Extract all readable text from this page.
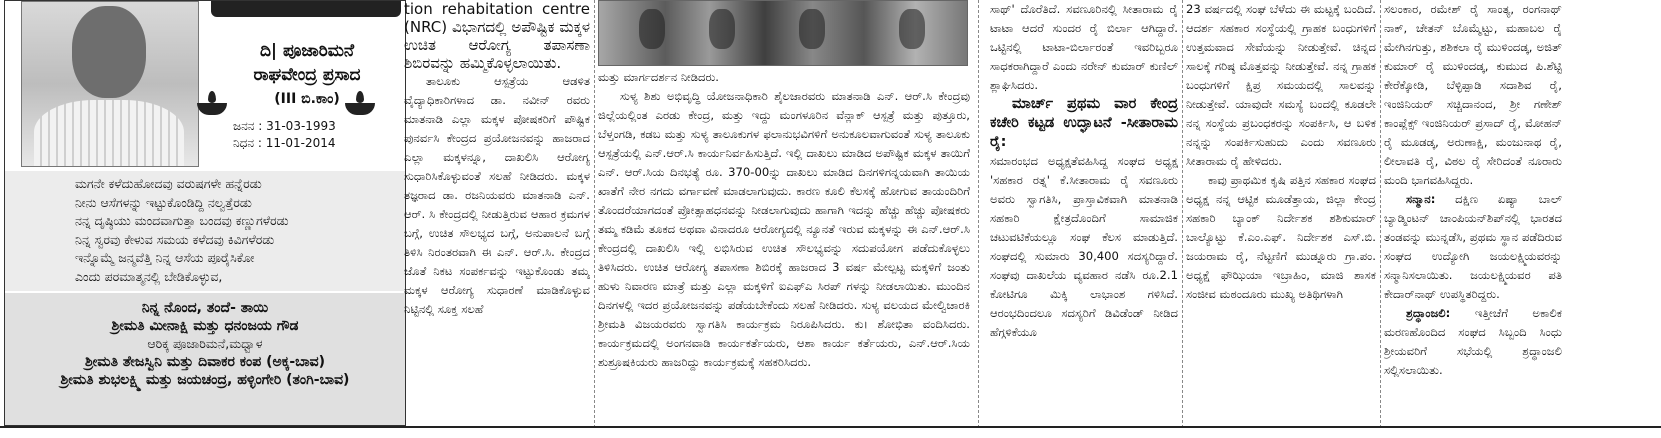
ದಿ| ಪೂಜಾರಿಮನೆ
ರಾಘವೇಂದ್ರ ಪ್ರಸಾದ
(III ಬಿ.ಕಾಂ)
ಜನನ : 31-03-1993
ನಿಧನ : 11-01-2014
ಮಗನೇ ಕಳೆದುಹೋದವು ವರುಷಗಳೇ ಹನ್ನೆರಡು
ನೀನು ಆಸೆಗಳನ್ನು ಇಟ್ಟುಕೊಂಡಿದ್ದಿ ನಲ್ವತ್ತೆರಡು
ನನ್ನ ದೃಷ್ಠಿಯು ಮಂದವಾಗುತ್ತಾ ಬಂದವು ಕಣ್ಣುಗಳೆರಡು
ನಿನ್ನ ಸ್ವರವು ಕೇಳುವ ಸಮಯ ಕಳೆದವು ಕಿವಿಗಳೆರಡು
ಇನ್ನೊಮ್ಮೆ ಜನ್ಮವೆತ್ತಿ ನಿನ್ನ ಆಸೆಯ ಪೂರೈಸಿಕೋ
ಎಂದು ಪರಮಾತ್ಮನಲ್ಲಿ ಬೇಡಿಕೊಳ್ಳುವ,
ನಿನ್ನ ನೊಂದ, ತಂದೆ- ತಾಯಿ
ಶ್ರೀಮತಿ ಮೀನಾಕ್ಷಿ ಮತ್ತು ಧನಂಜಯ ಗೌಡ
ಆರಿಕ್ಕ ಪೂಜಾರಿಮನೆ,ಮಧ್ವಾಳ
ಶ್ರೀಮತಿ ತೇಜಸ್ವಿನಿ ಮತ್ತು ದಿವಾಕರ ಕಂಪ (ಅಕ್ಕ-ಬಾವ)
ಶ್ರೀಮತಿ ಶುಭಲಕ್ಷ್ಮಿ ಮತ್ತು ಜಯಚಂದ್ರ, ಹಳ್ಳಿಂಗೇರಿ (ತಂಗಿ-ಬಾವ)

tion rehabitation centre (NRC) ವಿಭಾಗದಲ್ಲಿ ಅಪೌಷ್ಟಿಕ ಮಕ್ಕಳ ಉಚಿತ ಆರೋಗ್ಯ ತಪಾಸಣಾ ಶಿಬಿರವನ್ನು ಹಮ್ಮಿಕೊಳ್ಳಲಾಯಿತು.

ತಾಲೂಕು ಆಸ್ಪತ್ರೆಯ ಆಡಳಿತ ವೈದ್ಯಾಧಿಕಾರಿಗಳಾದ ಡಾ. ನವೀನ್ ರವರು ಮಾತನಾಡಿ ಎಲ್ಲಾ ಮಕ್ಕಳ ಪೋಷಕರಿಗೆ ಪೌಷ್ಟಿಕ ಪುನರ್ವಸಿ ಕೇಂದ್ರದ ಪ್ರಯೋಜನವನ್ನು ಹಾಜರಾದ ಎಲ್ಲಾ ಮಕ್ಕಳನ್ನೂ, ದಾಖಲಿಸಿ ಆರೋಗ್ಯ ಸುಧಾರಿಸಿಕೊಳ್ಳುವಂತೆ ಸಲಹೆ ನೀಡಿದರು. ಮಕ್ಕಳ ತಜ್ಞರಾದ ಡಾ. ರಜನಿಯವರು ಮಾತನಾಡಿ ಎನ್. ಆರ್. ಸಿ ಕೇಂದ್ರದಲ್ಲಿ ನೀಡುತ್ತಿರುವ ಆಹಾರ ಕ್ರಮಗಳ ಬಗ್ಗೆ, ಉಚಿತ ಸೌಲಭ್ಯದ ಬಗ್ಗೆ, ಅನುಪಾಲನೆ ಬಗ್ಗೆ ತಿಳಿಸಿ ನಿರಂತರವಾಗಿ ಈ ಎನ್. ಆರ್.ಸಿ. ಕೇಂದ್ರದ ಜೊತೆ ನಿಕಟ ಸಂಪರ್ಕವನ್ನು ಇಟ್ಟುಕೊಂಡು ತಮ್ಮ ಮಕ್ಕಳ ಆರೋಗ್ಯ ಸುಧಾರಣೆ ಮಾಡಿಕೊಳ್ಳುವ ನಿಟ್ಟಿನಲ್ಲಿ ಸೂಕ್ತ ಸಲಹೆ

ಮತ್ತು ಮಾರ್ಗದರ್ಶನ ನೀಡಿದರು.

ಸುಳ್ಯ ಶಿಶು ಅಭಿವೃದ್ಧಿ ಯೋಜನಾಧಿಕಾರಿ ಶೈಲಜಾರವರು ಮಾತನಾಡಿ ಎನ್. ಆರ್.ಸಿ ಕೇಂದ್ರವು ಜಿಲ್ಲೆಯಲ್ಲಿಂತ ಎರಡು ಕೇಂದ್ರ, ಮತ್ತು ಇದ್ದು ಮಂಗಳೂರಿನ ವೆನ್ಲಾಕ್ ಆಸ್ಪತ್ರೆ ಮತ್ತು ಪುತ್ತೂರು, ಬೆಳ್ತಂಗಡಿ, ಕಡಬ ಮತ್ತು ಸುಳ್ಯ ತಾಲೂಕುಗಳ ಫಲಾನುಭವಿಗಳಿಗೆ ಅನುಕೂಲವಾಗುವಂತೆ ಸುಳ್ಯ ತಾಲೂಕು ಆಸ್ಪತ್ರೆಯಲ್ಲಿ ಎನ್.ಆರ್.ಸಿ ಕಾರ್ಯನಿರ್ವಹಿಸುತ್ತಿದೆ. ಇಲ್ಲಿ ದಾಖಲು ಮಾಡಿದ ಅಪೌಷ್ಟಿಕ ಮಕ್ಕಳ ತಾಯಿಗೆ ಎನ್. ಆರ್.ಸಿಯ ದಿನಭತ್ಯೆ ರೂ. 370-00ನ್ನು ದಾಖಲು ಮಾಡಿದ ದಿನಗಳಿಗನ್ನಯವಾಗಿ ತಾಯಿಯ ಖಾತೆಗೆ ನೇರ ನಗದು ವರ್ಗಾವಣೆ ಮಾಡಲಾಗುವುದು. ಕಾರಣ ಕೂಲಿ ಕೆಲಸಕ್ಕೆ ಹೋಗುವ ತಾಯಂದಿರಿಗೆ ತೊಂದರೆಯಾಗದಂತೆ ಪ್ರೋತ್ಸಾಹಧನವನ್ನು ನೀಡಲಾಗುವುದು ಹಾಗಾಗಿ ಇದನ್ನು ಹೆಚ್ಚು ಹೆಚ್ಚು ಪೋಷಕರು ತಮ್ಮ ಕಡಿಮೆ ತೂಕದ ಅಥವಾ ವಿನಾದರೂ ಆರೋಗ್ಯದಲ್ಲಿ ನ್ಯೂನತೆ ಇರುವ ಮಕ್ಕಳನ್ನು ಈ ಎನ್.ಆರ್.ಸಿ ಕೇಂದ್ರದಲ್ಲಿ ದಾಖಲಿಸಿ ಇಲ್ಲಿ ಲಭಿಸಿರುವ ಉಚಿತ ಸೌಲಭ್ಯವನ್ನು ಸದುಪಯೋಗ ಪಡೆದುಕೊಳ್ಳಲು ತಿಳಿಸಿದರು. ಉಚಿತ ಆರೋಗ್ಯ ತಪಾಸಣಾ ಶಿಬಿರಕ್ಕೆ ಹಾಜರಾದ 3 ವರ್ಷ ಮೇಲ್ಪಟ್ಟ ಮಕ್ಕಳಿಗೆ ಜಂತು ಹುಳು ನಿವಾರಣ ಮಾತ್ರೆ ಮತ್ತು ಎಲ್ಲಾ ಮಕ್ಕಳಿಗೆ ಐಎಫ್‌ಎ ಸಿರಪ್ ಗಳನ್ನು ನೀಡಲಾಯಿತು. ಮುಂದಿನ ದಿನಗಳಲ್ಲಿ ಇದರ ಪ್ರಯೋಜನವನ್ನು ಪಡೆಯಬೇಕೆಂದು ಸಲಹೆ ನೀಡಿದರು. ಸುಳ್ಯ ವಲಯದ ಮೇಲ್ವಿಚಾರಕಿ ಶ್ರೀಮತಿ ವಿಜಯರವರು ಸ್ವಾಗತಿಸಿ ಕಾರ್ಯಕ್ರಮ ನಿರೂಪಿಸಿದರು. ಕು। ಶೋಭಿತಾ ವಂದಿಸಿದರು. ಕಾರ್ಯಕ್ರಮದಲ್ಲಿ ಅಂಗನವಾಡಿ ಕಾರ್ಯಕರ್ತೆಯರು, ಆಶಾ ಕಾರ್ಯ ಕರ್ತೆಯರು, ಎನ್.ಆರ್.ಸಿಯ ಶುಶ್ರೂಷಕಿಯರು ಹಾಜರಿದ್ದು ಕಾರ್ಯಕ್ರಮಕ್ಕೆ ಸಹಕರಿಸಿದರು.

ಸಾಥ್' ದೊರೆತಿದೆ. ಸವಣೂರಿನಲ್ಲಿ ಸೀತಾರಾಮ ರೈ ಟಾಟಾ ಆದರೆ ಸುಂದರ ರೈ ಬಿರ್ಲಾ ಆಗಿದ್ದಾರೆ. ಒಟ್ಟಿನಲ್ಲಿ ಟಾಟಾ-ಬಿರ್ಲಾರಂತೆ ಇವರಿಬ್ಬರೂ ಸಾಧಕರಾಗಿದ್ದಾರೆ ಎಂದು ನರೇನ್ ಕುಮಾರ್ ಕುಣಿಲ್ ಶ್ಲಾಘಿಸಿದರು.

ಮಾರ್ಚ್ ಪ್ರಥಮ ವಾರ ಕೇಂದ್ರ ಕಚೇರಿ ಕಟ್ಟಡ ಉದ್ಘಾಟನೆ -ಸೀತಾರಾಮ ರೈ:

ಸಮಾರಂಭದ ಅಧ್ಯಕ್ಷತೆವಹಿಸಿದ್ದ ಸಂಘದ ಅಧ್ಯಕ್ಷ 'ಸಹಕಾರ ರತ್ನ' ಕೆ.ಸೀತಾರಾಮ ರೈ ಸವಣೂರು ಅವರು ಸ್ವಾಗತಿಸಿ, ಪ್ರಾಸ್ತಾವಿಕವಾಗಿ ಮಾತನಾಡಿ ಸಹಕಾರಿ ಕ್ಷೇತ್ರದೊಂದಿಗೆ ಸಾಮಾಜಿಕ ಚಟುವಟಿಕೆಯಲ್ಲೂ ಸಂಘ ಕೆಲಸ ಮಾಡುತ್ತಿದೆ. ಸಂಘದಲ್ಲಿ ಸುಮಾರು 30,400 ಸದಸ್ಯರಿದ್ದಾರೆ. ಸಂಘವು ದಾಖಲೆಯ ವ್ಯವಹಾರ ನಡೆಸಿ ರೂ.2.1 ಕೋಟಿಗೂ ಮಿಕ್ಕಿ ಲಾಭಾಂಶ ಗಳಿಸಿದೆ. ಆರಂಭದಿಂದಲೂ ಸದಸ್ಯರಿಗೆ ಡಿವಿಡೆಂಡ್ ನೀಡಿದ ಹೆಗ್ಗಳಿಕೆಯೂ

23 ವರ್ಷದಲ್ಲಿ ಸಂಘ ಬೆಳೆದು ಈ ಮಟ್ಟಕ್ಕೆ ಬಂದಿದೆ. ಆದರ್ಶ ಸಹಕಾರ ಸಂಸ್ಥೆಯಲ್ಲಿ ಗ್ರಾಹಕ ಬಂಧುಗಳಿಗೆ ಉತ್ತಮವಾದ ಸೇವೆಯನ್ನು ನೀಡುತ್ತೇವೆ. ಚಿನ್ನದ ಸಾಲಕ್ಕೆ ಗರಿಷ್ಠ ಮೊತ್ತವನ್ನು ನೀಡುತ್ತೇವೆ. ನನ್ನ ಗ್ರಾಹಕ ಬಂಧುಗಳಿಗೆ ಕ್ಷಿಪ್ರ ಸಮಯದಲ್ಲಿ ಸಾಲವನ್ನು ನೀಡುತ್ತೇವೆ. ಯಾವುದೇ ಸಮಸ್ಯೆ ಬಂದಲ್ಲಿ ಕೂಡಲೇ ನನ್ನ ಸಂಸ್ಥೆಯ ಪ್ರಬಂಧಕರನ್ನು ಸಂಪರ್ಕಿಸಿ, ಆ ಬಳಿಕ ನನ್ನನ್ನು ಸಂಪರ್ಕಿಸುಹುದು ಎಂದು ಸವಣೂರು ಸೀತಾರಾಮ ರೈ ಹೇಳಿದರು.

ಕಾವು ಪ್ರಾಥಮಿಕ ಕೃಷಿ ಪತ್ತಿನ ಸಹಕಾರ ಸಂಘದ ಅಧ್ಯಕ್ಷ ನನ್ನ ಆಟ್ಟಿಕ ಮೂಡೆತ್ತಾಯ, ಜಿಲ್ಲಾ ಕೇಂದ್ರ ಸಹಕಾರಿ ಬ್ಯಾಂಕ್ ನಿರ್ದೇಶಕ ಶಶಿಕುಮಾರ್ ಬಾಲ್ಯೊಟ್ಟು ಕೆ.ಎಂ.ಎಫ್. ನಿರ್ದೇಶಕ ಎಸ್.ಬಿ. ಜಯರಾಮ ರೈ, ನೆಟ್ಟಣಿಗೆ ಮುಡ್ನೂರು ಗ್ರಾ.ಪಂ. ಅಧ್ಯಕ್ಷೆ ಫೌಝಿಯಾ ಇಬ್ರಾಹಿಂ, ಮಾಜಿ ಶಾಸಕ ಸಂಜೀವ ಮಠಂದೂರು ಮುಖ್ಯ ಅತಿಥಿಗಳಾಗಿ

ಸಲಂಕಾರ, ರಮೇಶ್ ರೈ ಸಾಂತ್ಯ, ರಂಗನಾಥ್ ನಾಕ್, ಚೇತನ್ ಬೊಮ್ಮೆಟ್ಟು, ಮಹಾಬಲ ರೈ ಮೇಗಿನಗುತ್ತು, ಶಶಿಕಲಾ ರೈ ಮುಳಿಂದಡ್ಕ, ಅಜಿತ್ ಕುಮಾರ್ ರೈ ಮುಳಿಂದಡ್ಕ, ಕುಮುದ ಪಿ.ಶೆಟ್ಟಿ ಕೇರೆಕ್ಕೋಡಿ, ಬೆಳ್ಳಿಪ್ಪಾಡಿ ಸದಾಶಿವ ರೈ, ಇಂಜಿನಿಯರ್ ಸಚ್ಚಿದಾನಂದ, ಶ್ರೀ ಗಣೇಶ್ ಕಾಂಪ್ಲೆಕ್ಸ್ ಇಂಜಿನಿಯರ್ ಪ್ರಸಾದ್ ರೈ, ಮೋಹನ್ ರೈ ಮೂಡಡ್ಕ, ಅರುಣಾಕ್ಷಿ, ಮಂಜುನಾಥ ರೈ, ಲೀಲಾವತಿ ರೈ, ವಿಠಲ ರೈ ಸೇರಿದಂತೆ ನೂರಾರು ಮಂದಿ ಭಾಗವಹಿಸಿದ್ದರು.

ಸನ್ಮಾನ: ದಕ್ಷಿಣ ಏಷ್ಯಾ ಬಾಲ್ ಬ್ಯಾಡ್ಮಿಂಟನ್ ಚಾಂಪಿಯನ್‌ಶಿಪ್‌ನಲ್ಲಿ ಭಾರತದ ತಂಡವನ್ನು ಮುನ್ನಡೆಸಿ, ಪ್ರಥಮ ಸ್ಥಾನ ಪಡೆದಿರುವ ಸಂಘದ ಉದ್ಯೋಗಿ ಜಯಲಕ್ಷ್ಮಿಯವರನ್ನು ಸನ್ಮಾನಿಸಲಾಯಿತು. ಜಯಲಕ್ಷ್ಮಿಯವರ ಪತಿ ಕೇದಾರ್‌ನಾಥ್ ಉಪಸ್ಥಿತರಿದ್ದರು.

ಶ್ರದ್ಧಾಂಜಲಿ: ಇತ್ತೀಚೆಗೆ ಅಕಾಲಿಕ ಮರಣಹೊಂದಿದ ಸಂಘದ ಸಿಬ್ಬಂದಿ ಸಿಂಧು ಶ್ರೀಯವರಿಗೆ ಸಭೆಯಲ್ಲಿ ಶ್ರದ್ಧಾಂಜಲಿ ಸಲ್ಲಿಸಲಾಯಿತು.
